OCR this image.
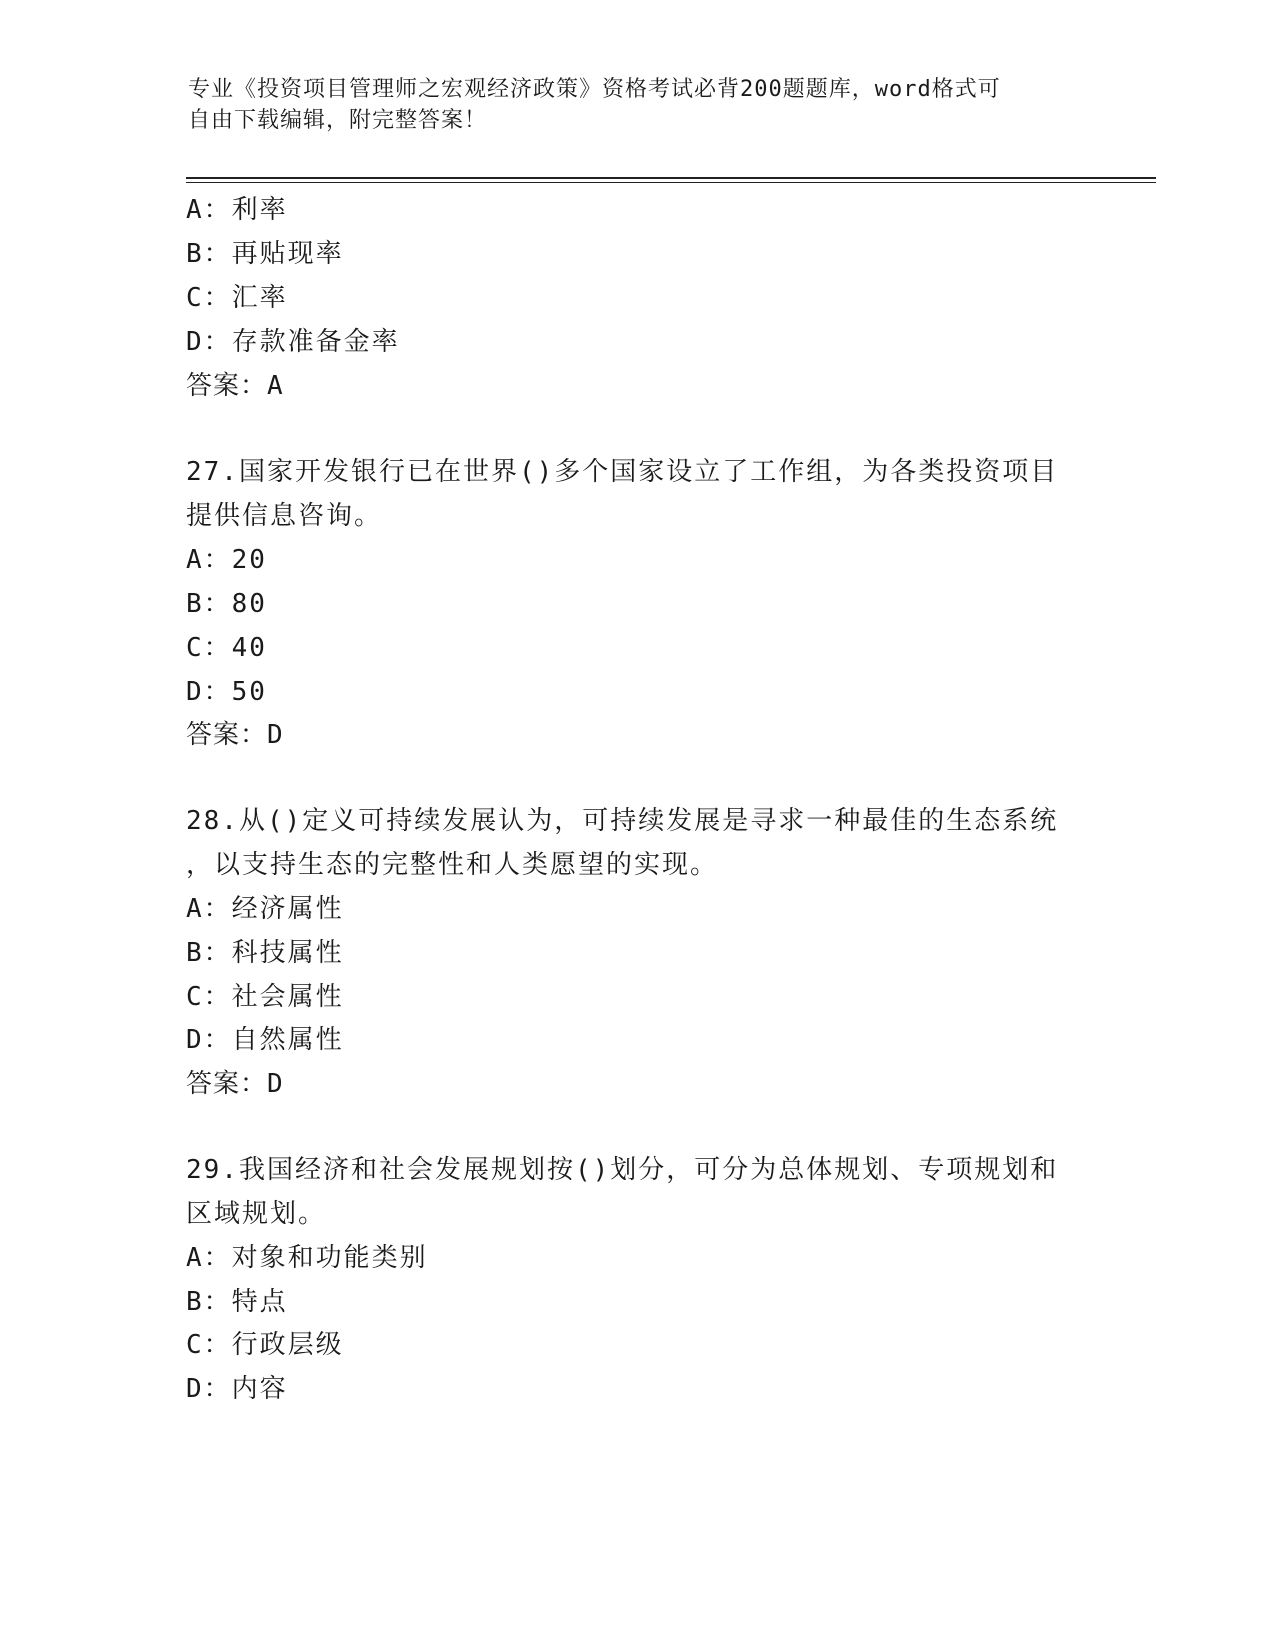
专业《投资项目管理师之宏观经济政策》资格考试必背200题题库，word格式可
自由下载编辑，附完整答案！
A：利率
B：再贴现率
C：汇率
D：存款准备金率
答案：A
27.国家开发银行已在世界()多个国家设立了工作组，为各类投资项目
提供信息咨询。
A：20
B：80
C：40
D：50
答案：D
28.从()定义可持续发展认为，可持续发展是寻求一种最佳的生态系统
，以支持生态的完整性和人类愿望的实现。
A：经济属性
B：科技属性
C：社会属性
D：自然属性
答案：D
29.我国经济和社会发展规划按()划分，可分为总体规划、专项规划和
区域规划。
A：对象和功能类别
B：特点
C：行政层级
D：内容
